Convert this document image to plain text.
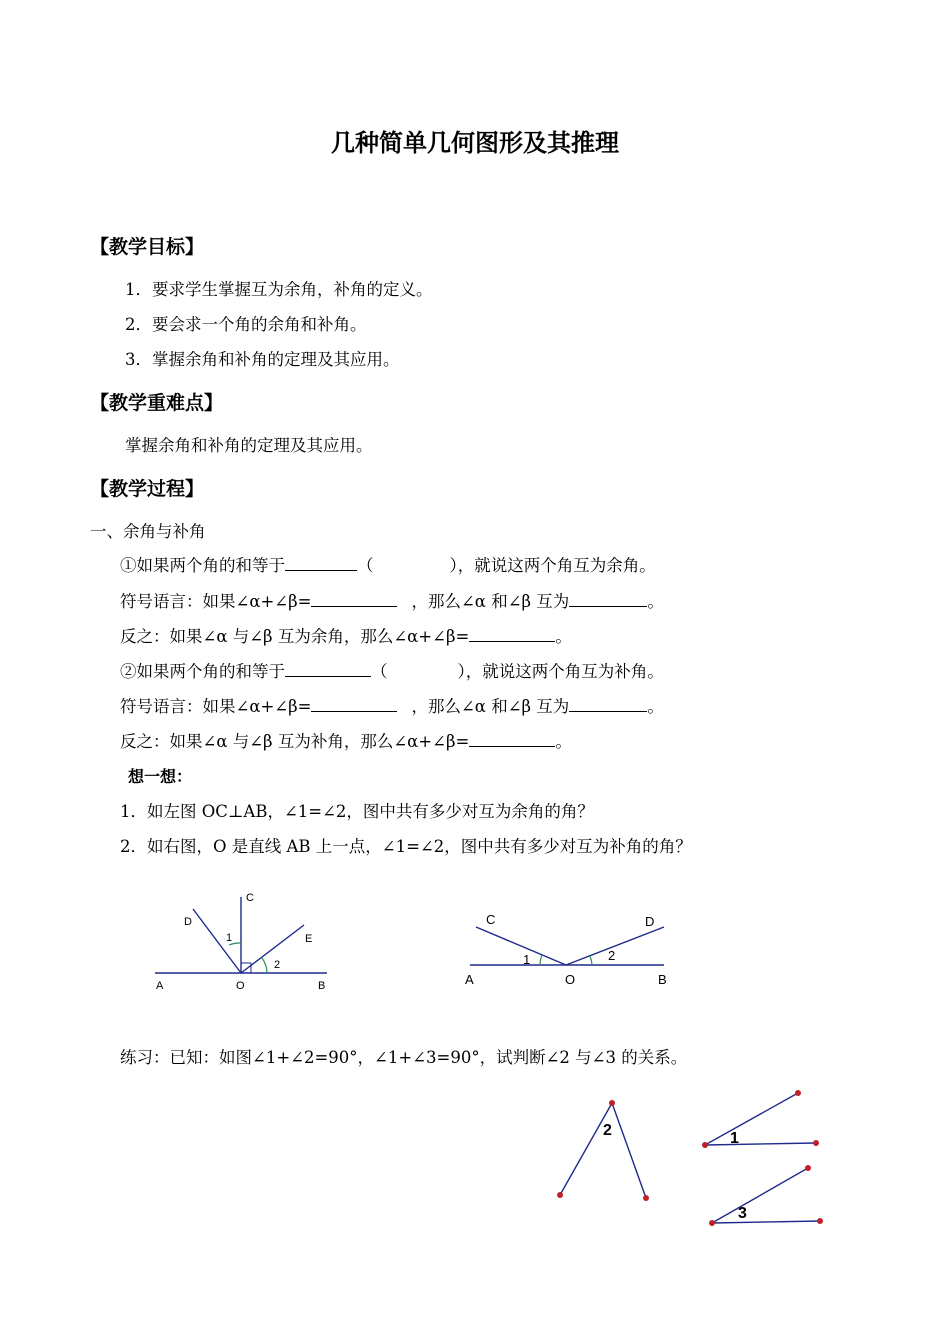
几种简单几何图形及其推理
【教学目标】
1．要求学生掌握互为余角，补角的定义。
2．要会求一个角的余角和补角。
3．掌握余角和补角的定理及其应用。
【教学重难点】
掌握余角和补角的定理及其应用。
【教学过程】
一、余角与补角
①如果两个角的和等于	（	），就说这两个角互为余角。
符号语言：如果∠α+∠β=	，那么∠α 和∠β 互为	。
反之：如果∠α 与∠β 互为余角，那么∠α+∠β=	。
②如果两个角的和等于	（	），就说这两个角互为补角。
符号语言：如果∠α+∠β=	，那么∠α 和∠β 互为	。
反之：如果∠α 与∠β 互为补角，那么∠α+∠β=	。
想一想：
1．如左图 OC⊥AB，∠1=∠2，图中共有多少对互为余角的角？
2．如右图，O 是直线 AB 上一点，∠1=∠2，图中共有多少对互为补角的角？
C
D
E
1
2
A	O	B
C	D
1	2
A	O	B
练习：已知：如图∠1+∠2=90°，∠1+∠3=90°，试判断∠2 与∠3 的关系。
2	1
3
